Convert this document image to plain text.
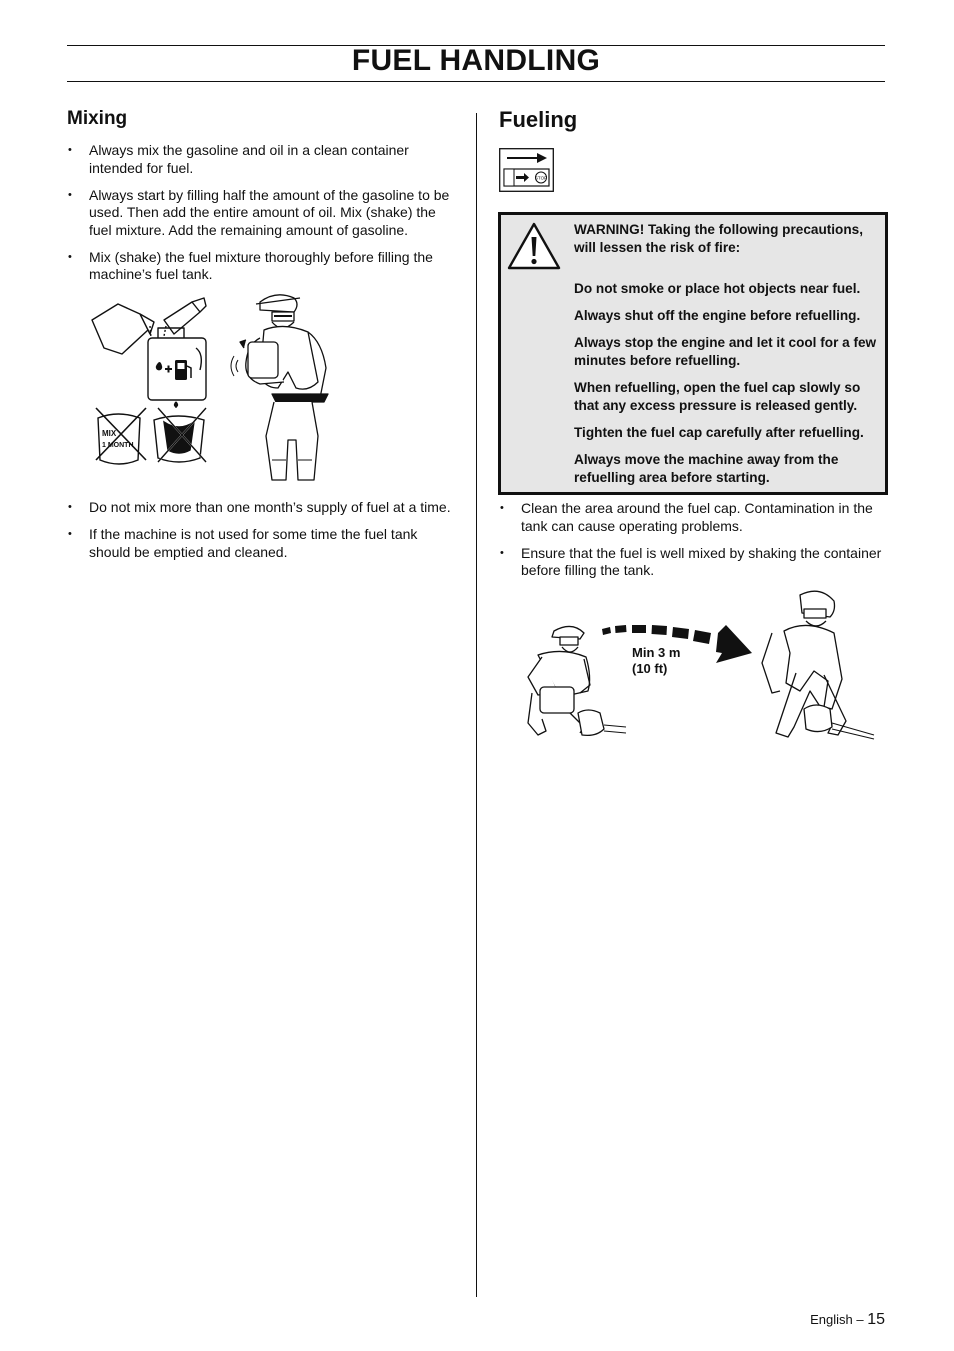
FUEL HANDLING
Mixing
• Always mix the gasoline and oil in a clean container intended for fuel.
• Always start by filling half the amount of the gasoline to be used. Then add the entire amount of oil. Mix (shake) the fuel mixture. Add the remaining amount of gasoline.
• Mix (shake) the fuel mixture thoroughly before filling the machine’s fuel tank.
MIX
1 MONTH
• Do not mix more than one month’s supply of fuel at a time.
• If the machine is not used for some time the fuel tank should be emptied and cleaned.
Fueling
STOP

WARNING! Taking the following precautions, will lessen the risk of fire:

Do not smoke or place hot objects near fuel.

Always shut off the engine before refuelling.

Always stop the engine and let it cool for a few minutes before refuelling.

When refuelling, open the fuel cap slowly so that any excess pressure is released gently.

Tighten the fuel cap carefully after refuelling.

Always move the machine away from the refuelling area before starting.

• Clean the area around the fuel cap. Contamination in the tank can cause operating problems.
• Ensure that the fuel is well mixed by shaking the container before filling the tank.
Min 3 m
(10 ft)
English – 15
